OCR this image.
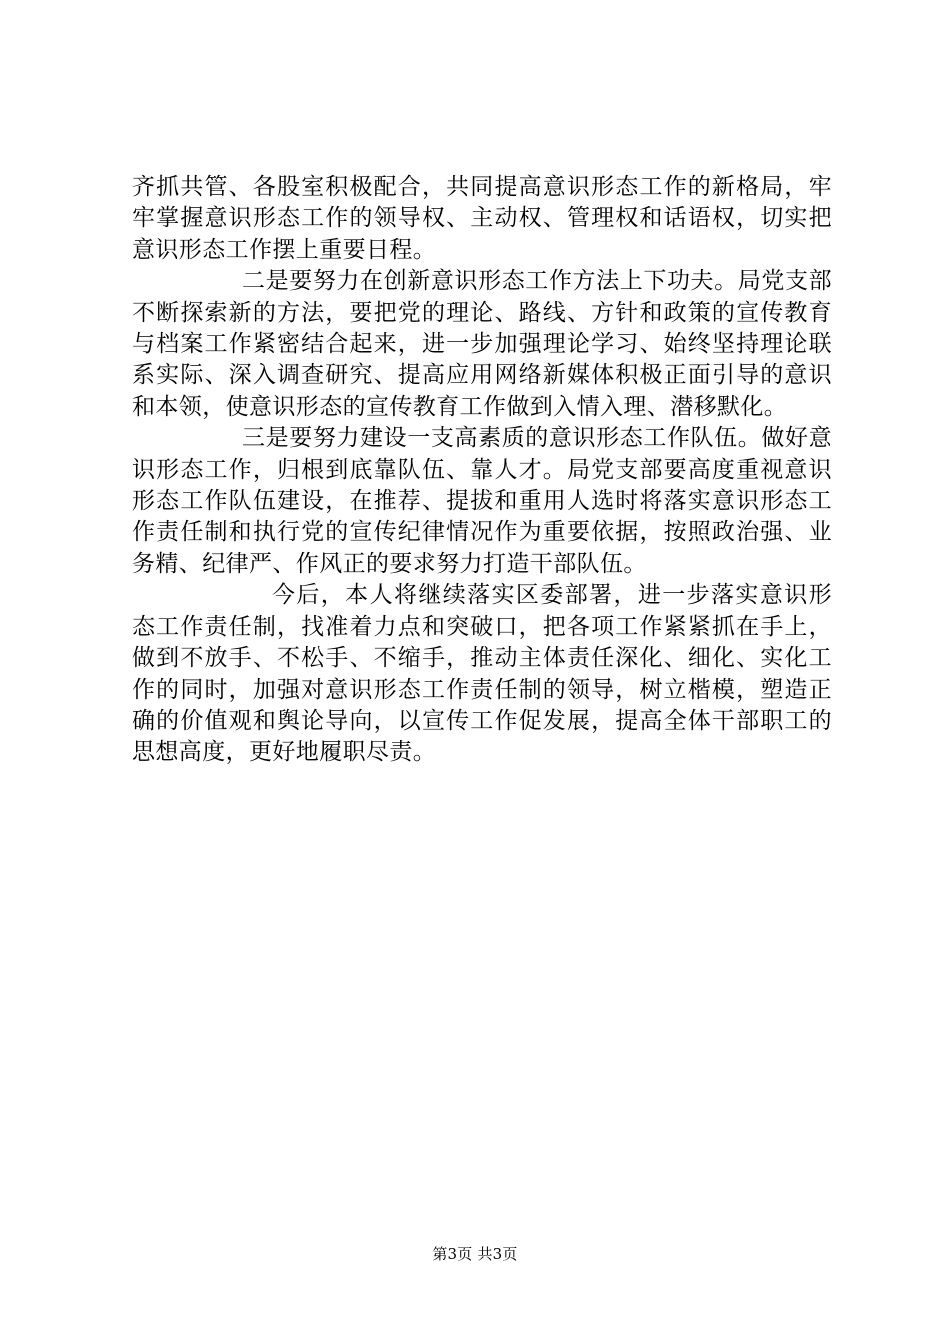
齐抓共管、各股室积极配合，共同提高意识形态工作的新格局，牢牢掌握意识形态工作的领导权、主动权、管理权和话语权，切实把意识形态工作摆上重要日程。

二是要努力在创新意识形态工作方法上下功夫。局党支部不断探索新的方法，要把党的理论、路线、方针和政策的宣传教育与档案工作紧密结合起来，进一步加强理论学习、始终坚持理论联系实际、深入调查研究、提高应用网络新媒体积极正面引导的意识和本领，使意识形态的宣传教育工作做到入情入理、潜移默化。

三是要努力建设一支高素质的意识形态工作队伍。做好意识形态工作，归根到底靠队伍、靠人才。局党支部要高度重视意识形态工作队伍建设，在推荐、提拔和重用人选时将落实意识形态工作责任制和执行党的宣传纪律情况作为重要依据，按照政治强、业务精、纪律严、作风正的要求努力打造干部队伍。

今后，本人将继续落实区委部署，进一步落实意识形态工作责任制，找准着力点和突破口，把各项工作紧紧抓在手上，做到不放手、不松手、不缩手，推动主体责任深化、细化、实化工作的同时，加强对意识形态工作责任制的领导，树立楷模，塑造正确的价值观和舆论导向，以宣传工作促发展，提高全体干部职工的思想高度，更好地履职尽责。

第3页 共3页
